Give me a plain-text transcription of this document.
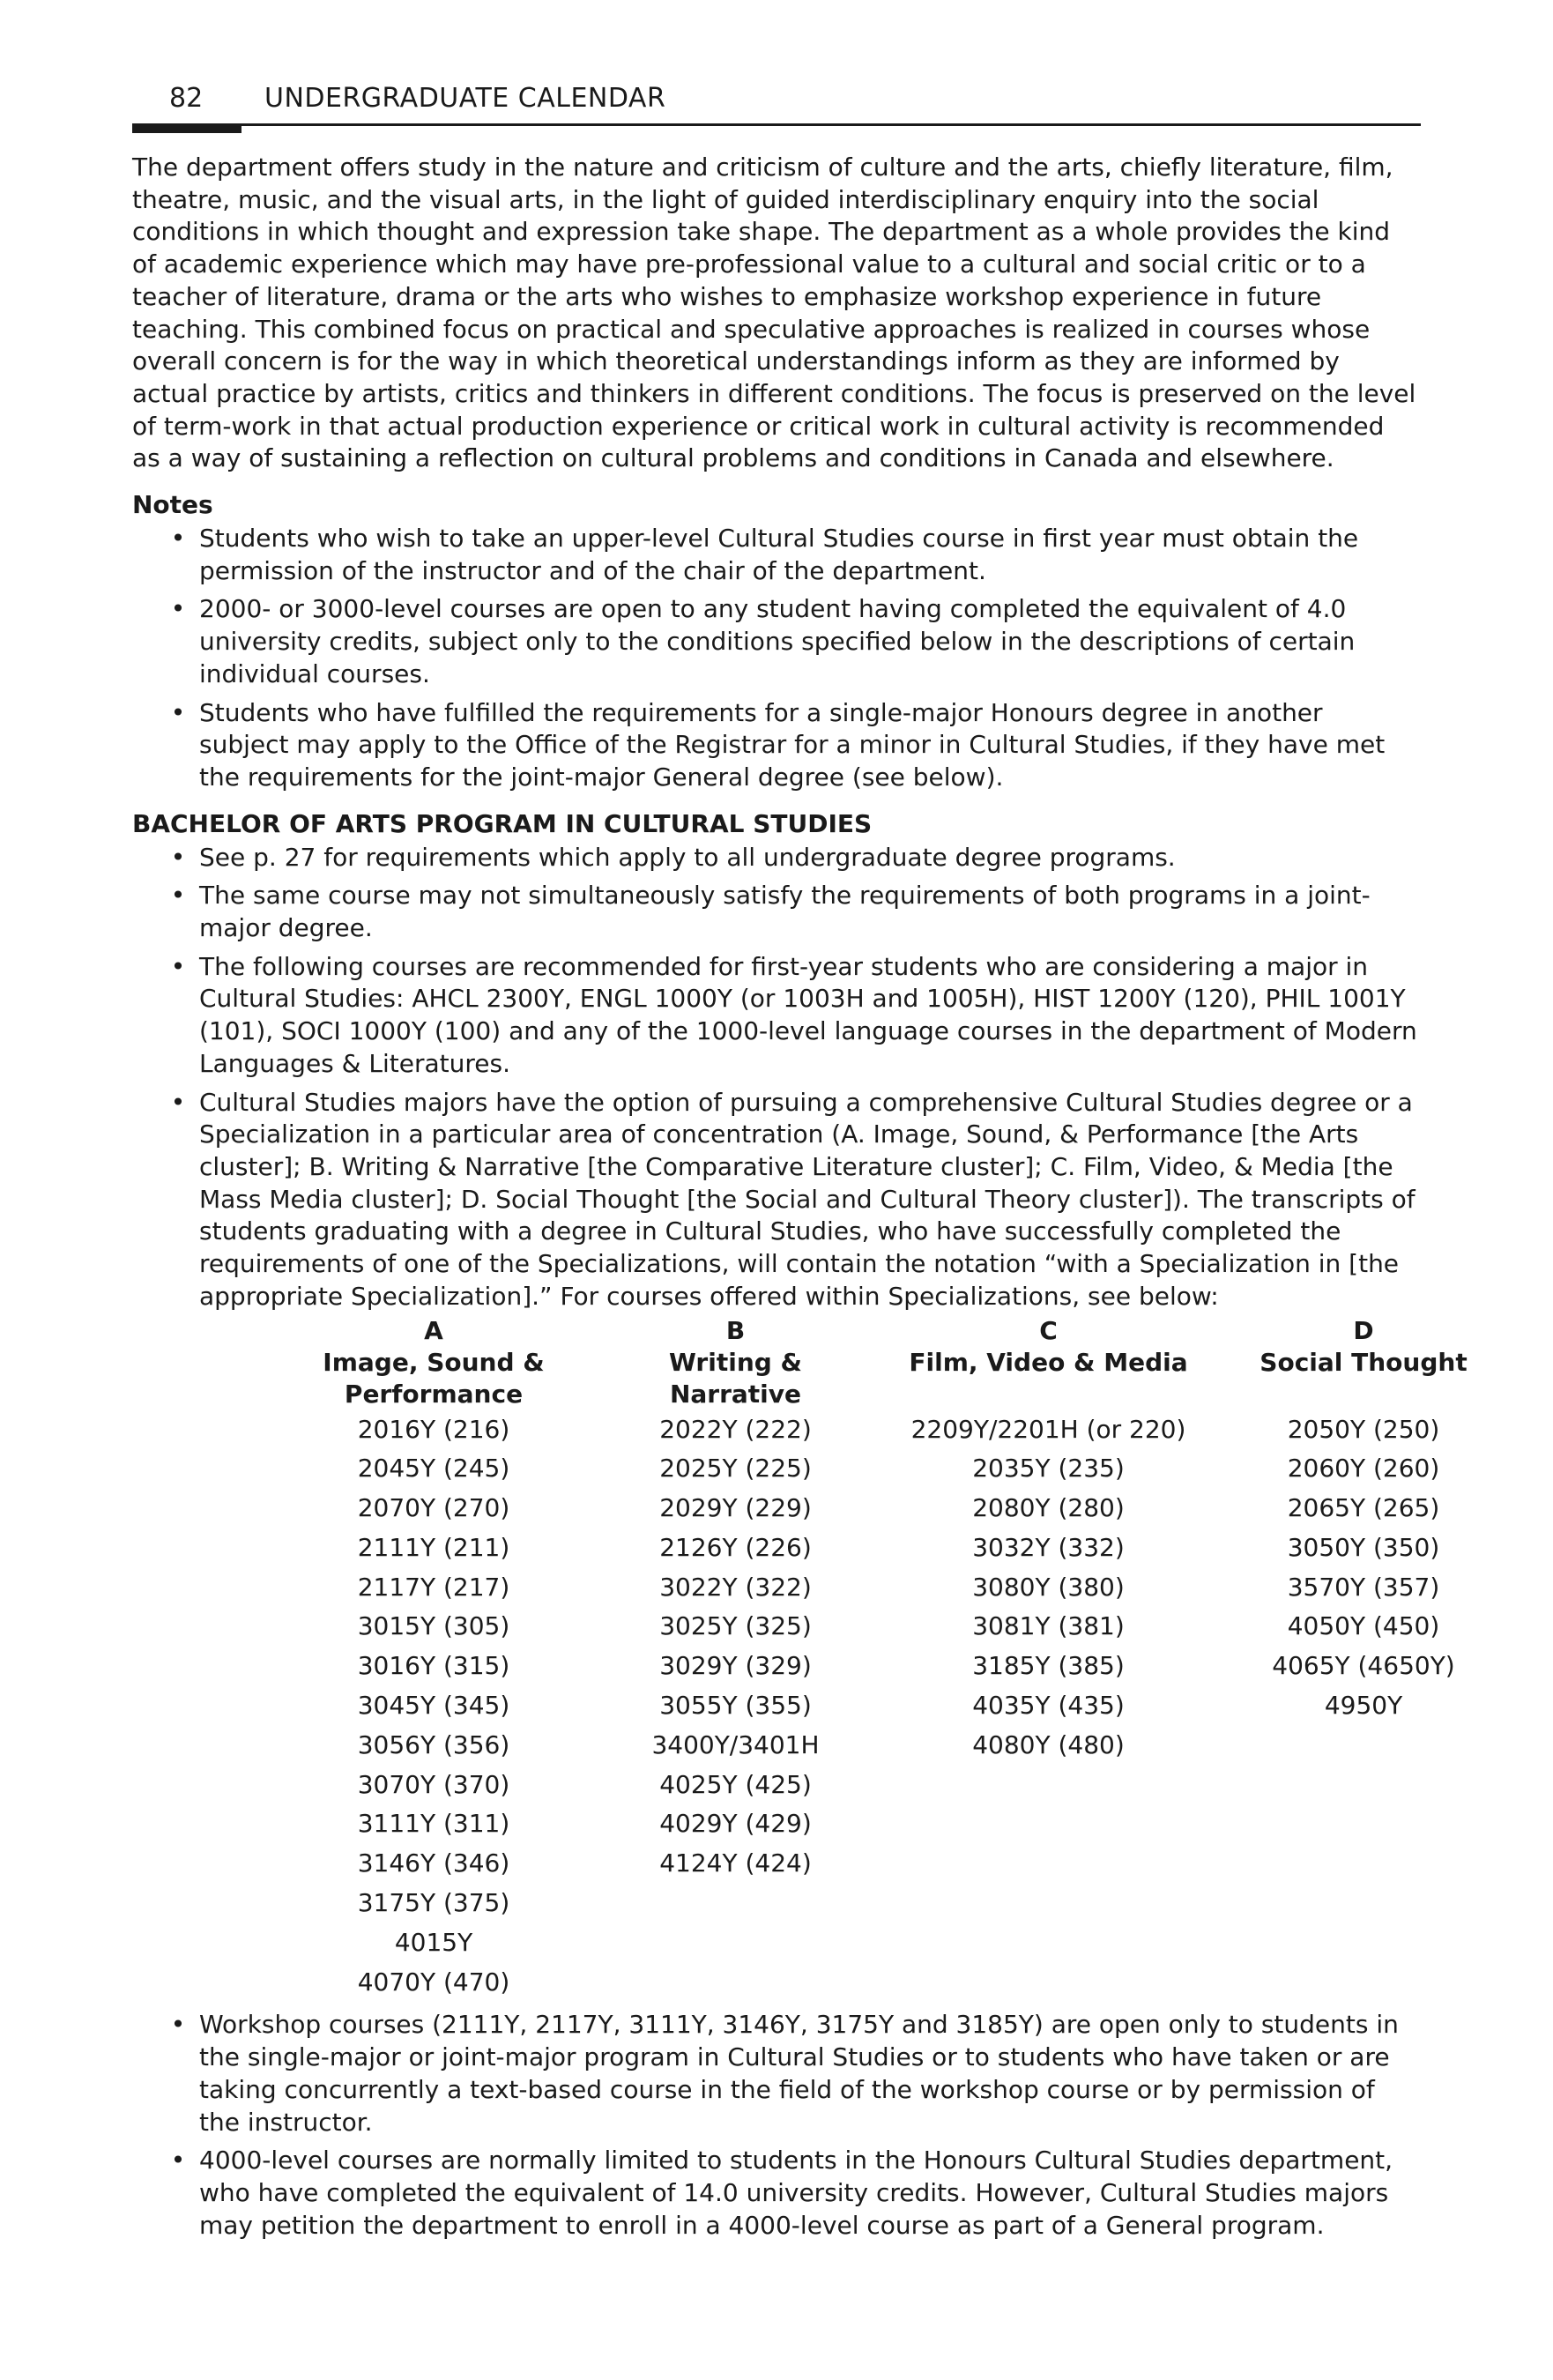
82 UNDERGRADUATE CALENDAR

The department offers study in the nature and criticism of culture and the arts, chiefly literature, film, theatre, music, and the visual arts, in the light of guided interdisciplinary enquiry into the social conditions in which thought and expression take shape. The department as a whole provides the kind of academic experience which may have pre-professional value to a cultural and social critic or to a teacher of literature, drama or the arts who wishes to emphasize workshop experience in future teaching. This combined focus on practical and speculative approaches is realized in courses whose overall concern is for the way in which theoretical understandings inform as they are informed by actual practice by artists, critics and thinkers in different conditions. The focus is preserved on the level of term-work in that actual production experience or critical work in cultural activity is recommended as a way of sustaining a reflection on cultural problems and conditions in Canada and elsewhere.

Notes
• Students who wish to take an upper-level Cultural Studies course in first year must obtain the permission of the instructor and of the chair of the department.
• 2000- or 3000-level courses are open to any student having completed the equivalent of 4.0 university credits, subject only to the conditions specified below in the descriptions of certain individual courses.
• Students who have fulfilled the requirements for a single-major Honours degree in another subject may apply to the Office of the Registrar for a minor in Cultural Studies, if they have met the requirements for the joint-major General degree (see below).
BACHELOR OF ARTS PROGRAM IN CULTURAL STUDIES
• See p. 27 for requirements which apply to all undergraduate degree programs.
• The same course may not simultaneously satisfy the requirements of both programs in a joint-major degree.
• The following courses are recommended for first-year students who are considering a major in Cultural Studies: AHCL 2300Y, ENGL 1000Y (or 1003H and 1005H), HIST 1200Y (120), PHIL 1001Y (101), SOCI 1000Y (100) and any of the 1000-level language courses in the department of Modern Languages & Literatures.
• Cultural Studies majors have the option of pursuing a comprehensive Cultural Studies degree or a Specialization in a particular area of concentration (A. Image, Sound, & Performance [the Arts cluster]; B. Writing & Narrative [the Comparative Literature cluster]; C. Film, Video, & Media [the Mass Media cluster]; D. Social Thought [the Social and Cultural Theory cluster]). The transcripts of students graduating with a degree in Cultural Studies, who have successfully completed the requirements of one of the Specializations, will contain the notation “with a Specialization in [the appropriate Specialization].” For courses offered within Specializations, see below:
A	B	C	D
Image, Sound &	Writing &	Film, Video & Media	Social Thought
Performance	Narrative		
2016Y (216)	2022Y (222)	2209Y/2201H (or 220)	2050Y (250)
2045Y (245)	2025Y (225)	2035Y (235)	2060Y (260)
2070Y (270)	2029Y (229)	2080Y (280)	2065Y (265)
2111Y (211)	2126Y (226)	3032Y (332)	3050Y (350)
2117Y (217)	3022Y (322)	3080Y (380)	3570Y (357)
3015Y (305)	3025Y (325)	3081Y (381)	4050Y (450)
3016Y (315)	3029Y (329)	3185Y (385)	4065Y (4650Y)
3045Y (345)	3055Y (355)	4035Y (435)	4950Y
3056Y (356)	3400Y/3401H	4080Y (480)	
3070Y (370)	4025Y (425)		
3111Y (311)	4029Y (429)		
3146Y (346)	4124Y (424)		
3175Y (375)			
4015Y			
4070Y (470)			
• Workshop courses (2111Y, 2117Y, 3111Y, 3146Y, 3175Y and 3185Y) are open only to students in the single-major or joint-major program in Cultural Studies or to students who have taken or are taking concurrently a text-based course in the field of the workshop course or by permission of the instructor.
• 4000-level courses are normally limited to students in the Honours Cultural Studies department, who have completed the equivalent of 14.0 university credits. However, Cultural Studies majors may petition the department to enroll in a 4000-level course as part of a General program.
